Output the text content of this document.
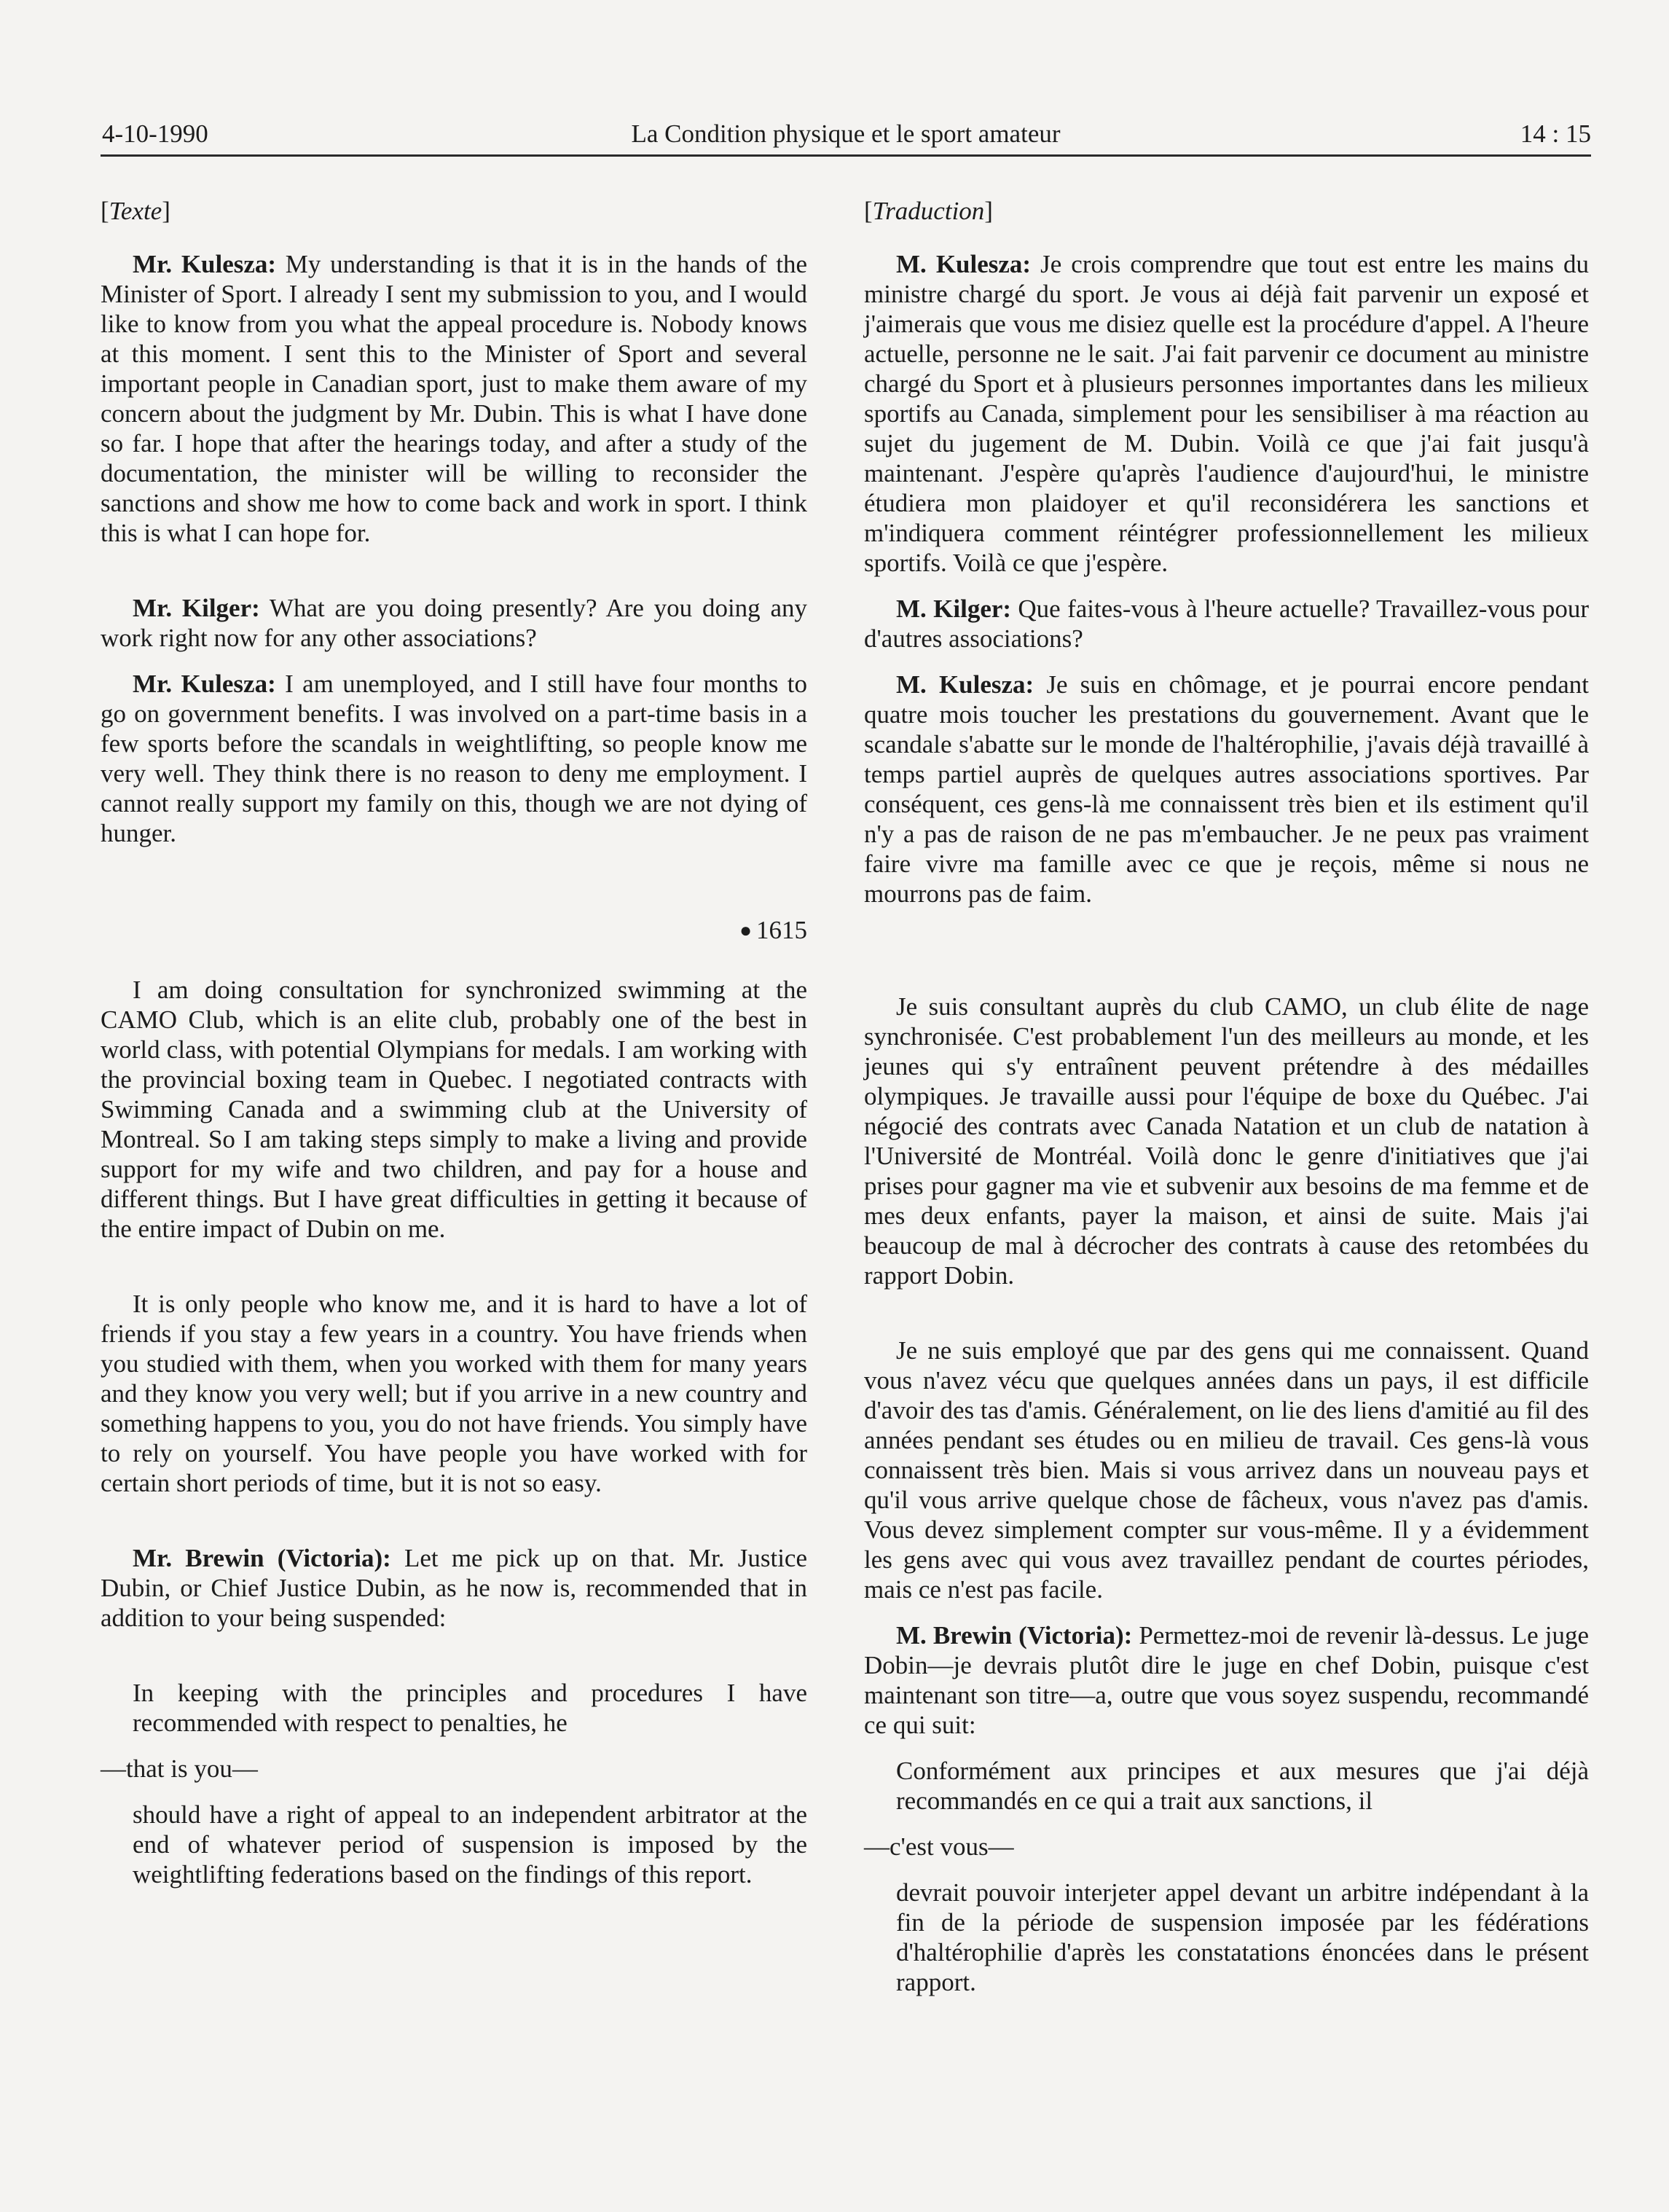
4-10-1990	La Condition physique et le sport amateur	14 : 15
[Texte]

Mr. Kulesza: My understanding is that it is in the hands of the Minister of Sport. I already I sent my submission to you, and I would like to know from you what the appeal procedure is. Nobody knows at this moment. I sent this to the Minister of Sport and several important people in Canadian sport, just to make them aware of my concern about the judgment by Mr. Dubin. This is what I have done so far. I hope that after the hearings today, and after a study of the documentation, the minister will be willing to reconsider the sanctions and show me how to come back and work in sport. I think this is what I can hope for.

Mr. Kilger: What are you doing presently? Are you doing any work right now for any other associations?

Mr. Kulesza: I am unemployed, and I still have four months to go on government benefits. I was involved on a part-time basis in a few sports before the scandals in weightlifting, so people know me very well. They think there is no reason to deny me employment. I cannot really support my family on this, though we are not dying of hunger.

● 1615

I am doing consultation for synchronized swimming at the CAMO Club, which is an elite club, probably one of the best in world class, with potential Olympians for medals. I am working with the provincial boxing team in Quebec. I negotiated contracts with Swimming Canada and a swimming club at the University of Montreal. So I am taking steps simply to make a living and provide support for my wife and two children, and pay for a house and different things. But I have great difficulties in getting it because of the entire impact of Dubin on me.

It is only people who know me, and it is hard to have a lot of friends if you stay a few years in a country. You have friends when you studied with them, when you worked with them for many years and they know you very well; but if you arrive in a new country and something happens to you, you do not have friends. You simply have to rely on yourself. You have people you have worked with for certain short periods of time, but it is not so easy.

Mr. Brewin (Victoria): Let me pick up on that. Mr. Justice Dubin, or Chief Justice Dubin, as he now is, recommended that in addition to your being suspended:

In keeping with the principles and procedures I have recommended with respect to penalties, he

—that is you—

should have a right of appeal to an independent arbitrator at the end of whatever period of suspension is imposed by the weightlifting federations based on the findings of this report.

[Traduction]

M. Kulesza: Je crois comprendre que tout est entre les mains du ministre chargé du sport. Je vous ai déjà fait parvenir un exposé et j'aimerais que vous me disiez quelle est la procédure d'appel. A l'heure actuelle, personne ne le sait. J'ai fait parvenir ce document au ministre chargé du Sport et à plusieurs personnes importantes dans les milieux sportifs au Canada, simplement pour les sensibiliser à ma réaction au sujet du jugement de M. Dubin. Voilà ce que j'ai fait jusqu'à maintenant. J'espère qu'après l'audience d'aujourd'hui, le ministre étudiera mon plaidoyer et qu'il reconsidérera les sanctions et m'indiquera comment réintégrer professionnellement les milieux sportifs. Voilà ce que j'espère.

M. Kilger: Que faites-vous à l'heure actuelle? Travaillez-vous pour d'autres associations?

M. Kulesza: Je suis en chômage, et je pourrai encore pendant quatre mois toucher les prestations du gouvernement. Avant que le scandale s'abatte sur le monde de l'haltérophilie, j'avais déjà travaillé à temps partiel auprès de quelques autres associations sportives. Par conséquent, ces gens-là me connaissent très bien et ils estiment qu'il n'y a pas de raison de ne pas m'embaucher. Je ne peux pas vraiment faire vivre ma famille avec ce que je reçois, même si nous ne mourrons pas de faim.

Je suis consultant auprès du club CAMO, un club élite de nage synchronisée. C'est probablement l'un des meilleurs au monde, et les jeunes qui s'y entraînent peuvent prétendre à des médailles olympiques. Je travaille aussi pour l'équipe de boxe du Québec. J'ai négocié des contrats avec Canada Natation et un club de natation à l'Université de Montréal. Voilà donc le genre d'initiatives que j'ai prises pour gagner ma vie et subvenir aux besoins de ma femme et de mes deux enfants, payer la maison, et ainsi de suite. Mais j'ai beaucoup de mal à décrocher des contrats à cause des retombées du rapport Dobin.

Je ne suis employé que par des gens qui me connaissent. Quand vous n'avez vécu que quelques années dans un pays, il est difficile d'avoir des tas d'amis. Généralement, on lie des liens d'amitié au fil des années pendant ses études ou en milieu de travail. Ces gens-là vous connaissent très bien. Mais si vous arrivez dans un nouveau pays et qu'il vous arrive quelque chose de fâcheux, vous n'avez pas d'amis. Vous devez simplement compter sur vous-même. Il y a évidemment les gens avec qui vous avez travaillez pendant de courtes périodes, mais ce n'est pas facile.

M. Brewin (Victoria): Permettez-moi de revenir là-dessus. Le juge Dobin—je devrais plutôt dire le juge en chef Dobin, puisque c'est maintenant son titre—a, outre que vous soyez suspendu, recommandé ce qui suit:

Conformément aux principes et aux mesures que j'ai déjà recommandés en ce qui a trait aux sanctions, il

—c'est vous—

devrait pouvoir interjeter appel devant un arbitre indépendant à la fin de la période de suspension imposée par les fédérations d'haltérophilie d'après les constatations énoncées dans le présent rapport.
